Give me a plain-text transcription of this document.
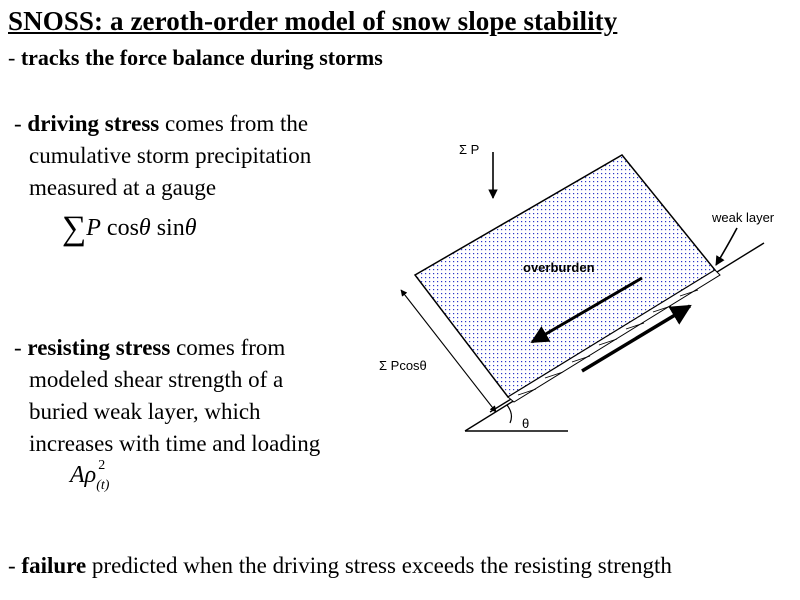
SNOSS: a zeroth-order model of snow slope stability
- tracks the force balance during storms
- driving stress comes from the
cumulative storm precipitation
measured at a gauge
∑P cosθ sinθ
- resisting stress comes from
modeled shear strength of a
buried weak layer, which
increases with time and loading
Aρ 2
(t)
- failure predicted when the driving stress exceeds the resisting strength
Σ P
weak layer
overburden
Σ Pcosθ
θ
